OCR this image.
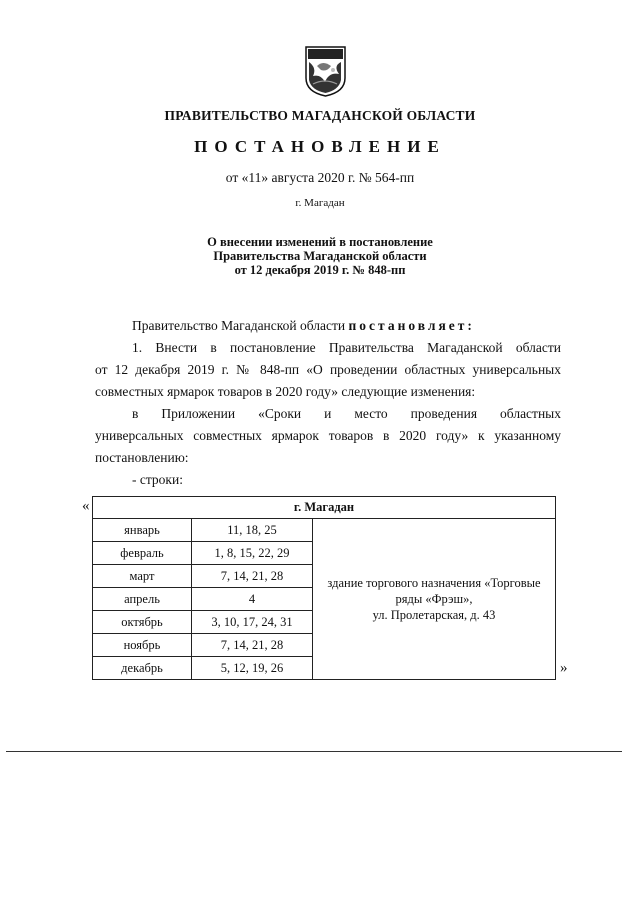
ПРАВИТЕЛЬСТВО МАГАДАНСКОЙ ОБЛАСТИ
ПОСТАНОВЛЕНИЕ
от «11» августа 2020 г. № 564-пп
г. Магадан
О внесении изменений в постановление
Правительства Магаданской области
от 12 декабря 2019 г. № 848-пп
Правительство Магаданской области постановляет:
1. Внести в постановление Правительства Магаданской области
от 12 декабря 2019 г. № 848-пп «О проведении областных универсальных
совместных ярмарок товаров в 2020 году» следующие изменения:
в Приложении «Сроки и место проведения областных
универсальных совместных ярмарок товаров в 2020 году» к указанному
постановлению:
- строки:
«
»
г. Магадан		
январь	11, 18, 25	здание торгового назначения «Торговые
ряды «Фрэш»,
ул. Пролетарская, д. 43

февраль	1, 8, 15, 22, 29	
март	7, 14, 21, 28	
апрель	4	
октябрь	3, 10, 17, 24, 31	
ноябрь	7, 14, 21, 28	
декабрь	5, 12, 19, 26	
